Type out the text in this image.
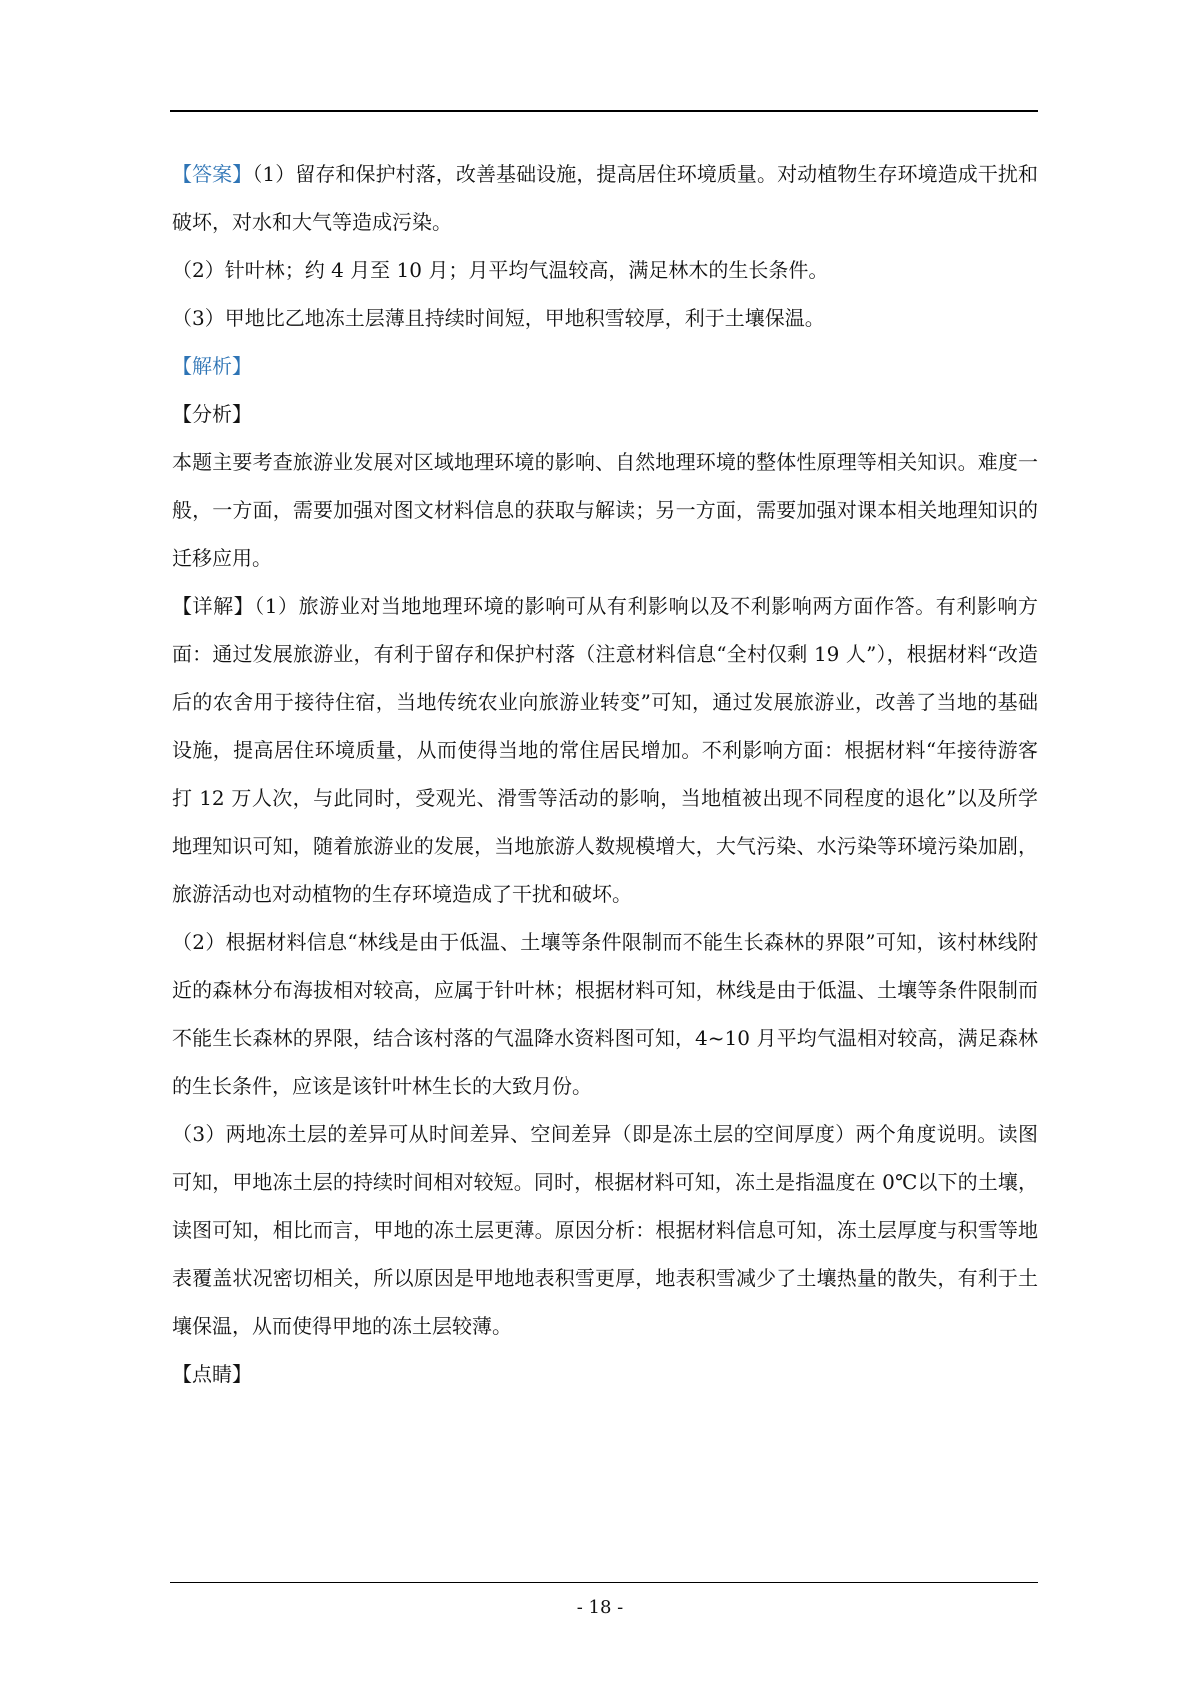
【答案】（1）留存和保护村落，改善基础设施，提高居住环境质量。对动植物生存环境造成干扰和破坏，对水和大气等造成污染。

（2）针叶林；约 4 月至 10 月；月平均气温较高，满足林木的生长条件。

（3）甲地比乙地冻土层薄且持续时间短，甲地积雪较厚，利于土壤保温。

【解析】

【分析】

本题主要考查旅游业发展对区域地理环境的影响、自然地理环境的整体性原理等相关知识。难度一般，一方面，需要加强对图文材料信息的获取与解读；另一方面，需要加强对课本相关地理知识的迁移应用。

【详解】（1）旅游业对当地地理环境的影响可从有利影响以及不利影响两方面作答。有利影响方面：通过发展旅游业，有利于留存和保护村落（注意材料信息“全村仅剩 19 人”），根据材料“改造后的农舍用于接待住宿，当地传统农业向旅游业转变”可知，通过发展旅游业，改善了当地的基础设施，提高居住环境质量，从而使得当地的常住居民增加。不利影响方面：根据材料“年接待游客打 12 万人次，与此同时，受观光、滑雪等活动的影响，当地植被出现不同程度的退化”以及所学地理知识可知，随着旅游业的发展，当地旅游人数规模增大，大气污染、水污染等环境污染加剧，旅游活动也对动植物的生存环境造成了干扰和破坏。

（2）根据材料信息“林线是由于低温、土壤等条件限制而不能生长森林的界限”可知，该村林线附近的森林分布海拔相对较高，应属于针叶林；根据材料可知，林线是由于低温、土壤等条件限制而不能生长森林的界限，结合该村落的气温降水资料图可知，4~10 月平均气温相对较高，满足森林的生长条件，应该是该针叶林生长的大致月份。

（3）两地冻土层的差异可从时间差异、空间差异（即是冻土层的空间厚度）两个角度说明。读图可知，甲地冻土层的持续时间相对较短。同时，根据材料可知，冻土是指温度在 0℃以下的土壤，读图可知，相比而言，甲地的冻土层更薄。原因分析：根据材料信息可知，冻土层厚度与积雪等地表覆盖状况密切相关，所以原因是甲地地表积雪更厚，地表积雪减少了土壤热量的散失，有利于土壤保温，从而使得甲地的冻土层较薄。

【点睛】

- 18 -
